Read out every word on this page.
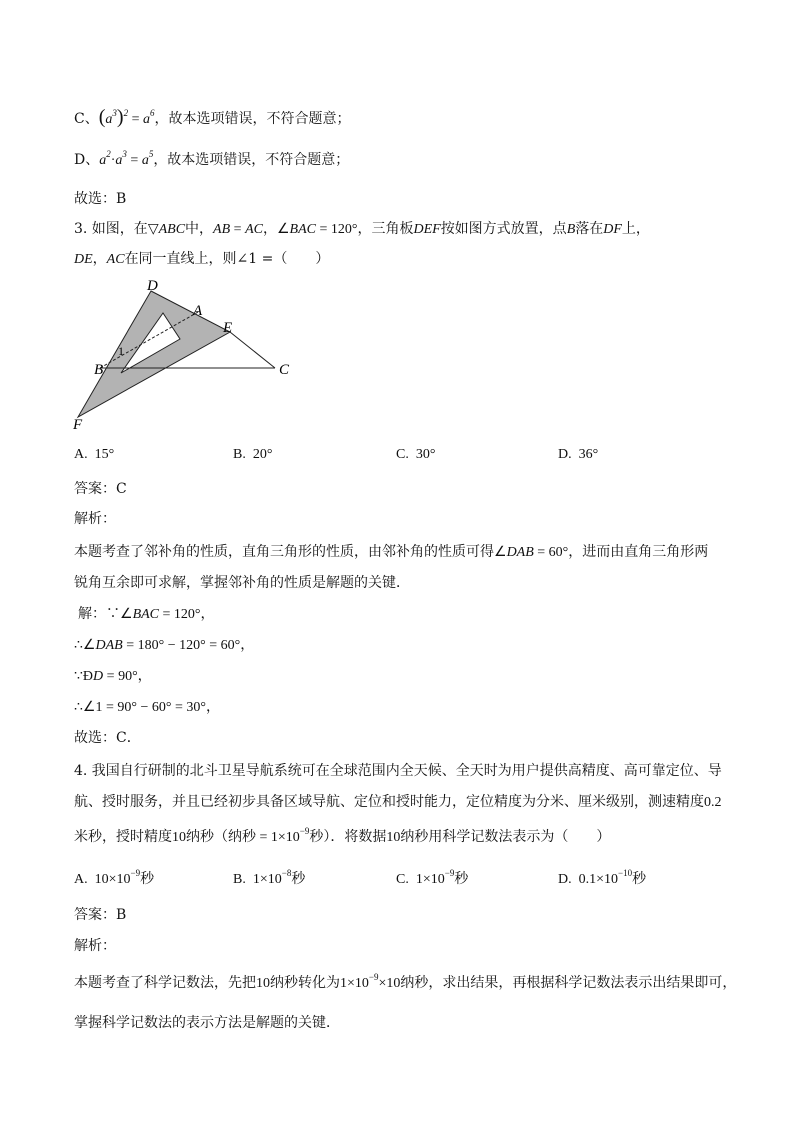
C、$(a^3)^2 = a^6$，故本选项错误，不符合题意；
D、$a^2\cdot a^3 = a^5$，故本选项错误，不符合题意；
故选：B
3. 如图，在▽ABC中，AB = AC，∠BAC = 120°，三角板DEF按如图方式放置，点B落在DF上，
DE，AC在同一直线上，则∠1 =（　　）
D
A
E
B	C
F
1
A. 15°	B. 20°	C. 30°	D. 36°
答案：C
解析：
本题考查了邻补角的性质，直角三角形的性质，由邻补角的性质可得∠DAB = 60°，进而由直角三角形两
锐角互余即可求解，掌握邻补角的性质是解题的关键．
解：∵∠BAC = 120°，
∴∠DAB = 180° − 120° = 60°，
∵ÐD = 90°，
∴∠1 = 90° − 60° = 30°，
故选：C．
4. 我国自行研制的北斗卫星导航系统可在全球范围内全天候、全天时为用户提供高精度、高可靠定位、导
航、授时服务，并且已经初步具备区域导航、定位和授时能力，定位精度为分米、厘米级别，测速精度0.2
米秒，授时精度10纳秒（纳秒 = $1\times 10^{-9}$秒）．将数据10纳秒用科学记数法表示为（　　）
A. $10\times 10^{-9}$秒	B. $1\times 10^{-8}$秒	C. $1\times 10^{-9}$秒	D. $0.1\times 10^{-10}$秒
答案：B
解析：
本题考查了科学记数法，先把10纳秒转化为$1\times 10^{-9}\times 10$纳秒，求出结果，再根据科学记数法表示出结果即可，
掌握科学记数法的表示方法是解题的关键．
